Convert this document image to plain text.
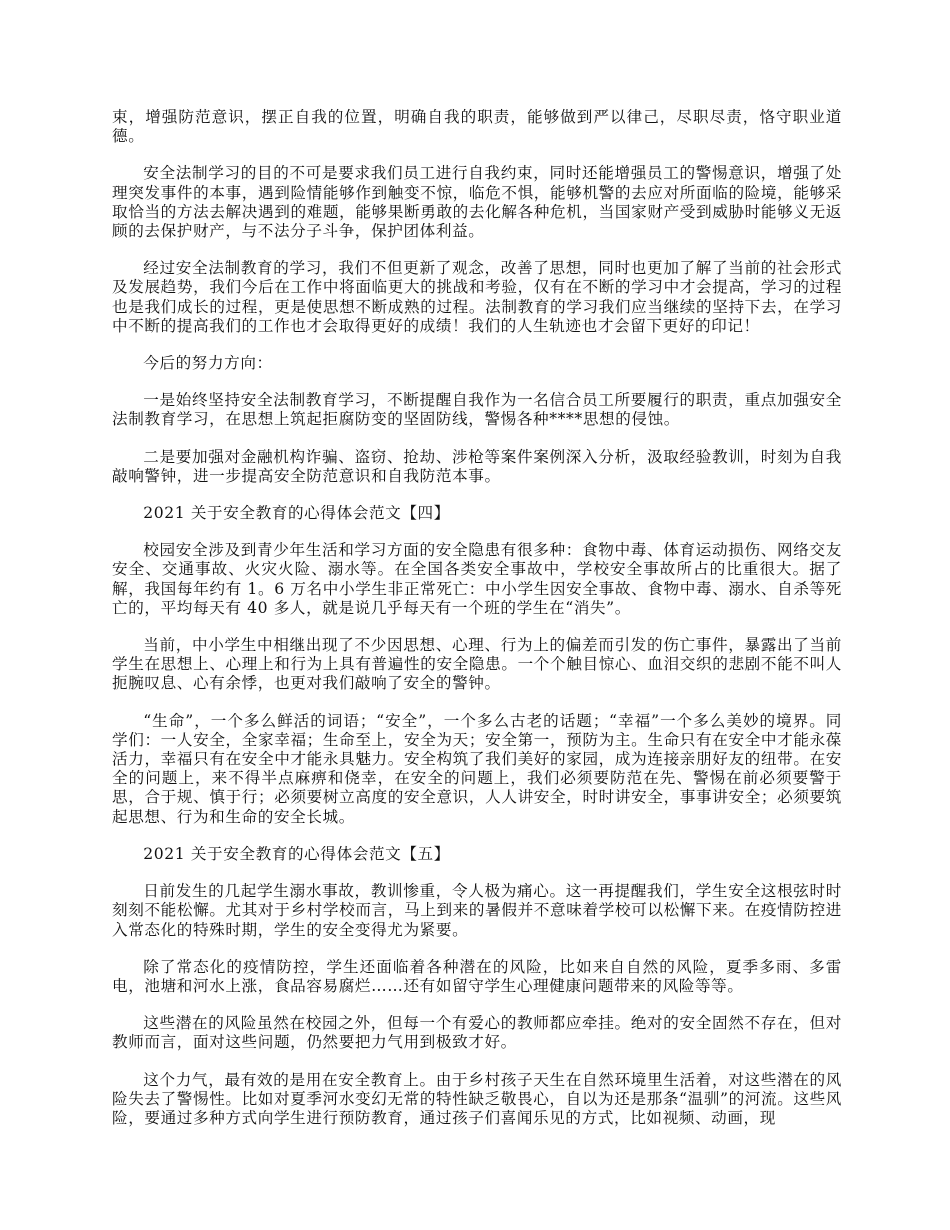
束，增强防范意识，摆正自我的位置，明确自我的职责，能够做到严以律己，尽职尽责，恪守职业道德。

安全法制学习的目的不可是要求我们员工进行自我约束，同时还能增强员工的警惕意识，增强了处理突发事件的本事，遇到险情能够作到触变不惊，临危不惧，能够机警的去应对所面临的险境，能够采取恰当的方法去解决遇到的难题，能够果断勇敢的去化解各种危机，当国家财产受到威胁时能够义无返顾的去保护财产，与不法分子斗争，保护团体利益。

经过安全法制教育的学习，我们不但更新了观念，改善了思想，同时也更加了解了当前的社会形式及发展趋势，我们今后在工作中将面临更大的挑战和考验，仅有在不断的学习中才会提高，学习的过程也是我们成长的过程，更是使思想不断成熟的过程。法制教育的学习我们应当继续的坚持下去，在学习中不断的提高我们的工作也才会取得更好的成绩！我们的人生轨迹也才会留下更好的印记！

今后的努力方向：

一是始终坚持安全法制教育学习，不断提醒自我作为一名信合员工所要履行的职责，重点加强安全法制教育学习，在思想上筑起拒腐防变的坚固防线，警惕各种****思想的侵蚀。

二是要加强对金融机构诈骗、盗窃、抢劫、涉枪等案件案例深入分析，汲取经验教训，时刻为自我敲响警钟，进一步提高安全防范意识和自我防范本事。

2021 关于安全教育的心得体会范文【四】

校园安全涉及到青少年生活和学习方面的安全隐患有很多种：食物中毒、体育运动损伤、网络交友安全、交通事故、火灾火险、溺水等。在全国各类安全事故中，学校安全事故所占的比重很大。据了解，我国每年约有 1。6 万名中小学生非正常死亡：中小学生因安全事故、食物中毒、溺水、自杀等死亡的，平均每天有 40 多人，就是说几乎每天有一个班的学生在“消失”。

当前，中小学生中相继出现了不少因思想、心理、行为上的偏差而引发的伤亡事件，暴露出了当前学生在思想上、心理上和行为上具有普遍性的安全隐患。一个个触目惊心、血泪交织的悲剧不能不叫人扼腕叹息、心有余悸，也更对我们敲响了安全的警钟。

“生命”，一个多么鲜活的词语；“安全”，一个多么古老的话题；“幸福”一个多么美妙的境界。同学们：一人安全，全家幸福；生命至上，安全为天；安全第一，预防为主。生命只有在安全中才能永葆活力，幸福只有在安全中才能永具魅力。安全构筑了我们美好的家园，成为连接亲朋好友的纽带。在安全的问题上，来不得半点麻痹和侥幸，在安全的问题上，我们必须要防范在先、警惕在前必须要警于思，合于规、慎于行；必须要树立高度的安全意识，人人讲安全，时时讲安全，事事讲安全；必须要筑起思想、行为和生命的安全长城。

2021 关于安全教育的心得体会范文【五】

日前发生的几起学生溺水事故，教训惨重，令人极为痛心。这一再提醒我们，学生安全这根弦时时刻刻不能松懈。尤其对于乡村学校而言，马上到来的暑假并不意味着学校可以松懈下来。在疫情防控进入常态化的特殊时期，学生的安全变得尤为紧要。

除了常态化的疫情防控，学生还面临着各种潜在的风险，比如来自自然的风险，夏季多雨、多雷电，池塘和河水上涨，食品容易腐烂……还有如留守学生心理健康问题带来的风险等等。

这些潜在的风险虽然在校园之外，但每一个有爱心的教师都应牵挂。绝对的安全固然不存在，但对教师而言，面对这些问题，仍然要把力气用到极致才好。

这个力气，最有效的是用在安全教育上。由于乡村孩子天生在自然环境里生活着，对这些潜在的风险失去了警惕性。比如对夏季河水变幻无常的特性缺乏敬畏心，自以为还是那条“温驯”的河流。这些风险，要通过多种方式向学生进行预防教育，通过孩子们喜闻乐见的方式，比如视频、动画，现
